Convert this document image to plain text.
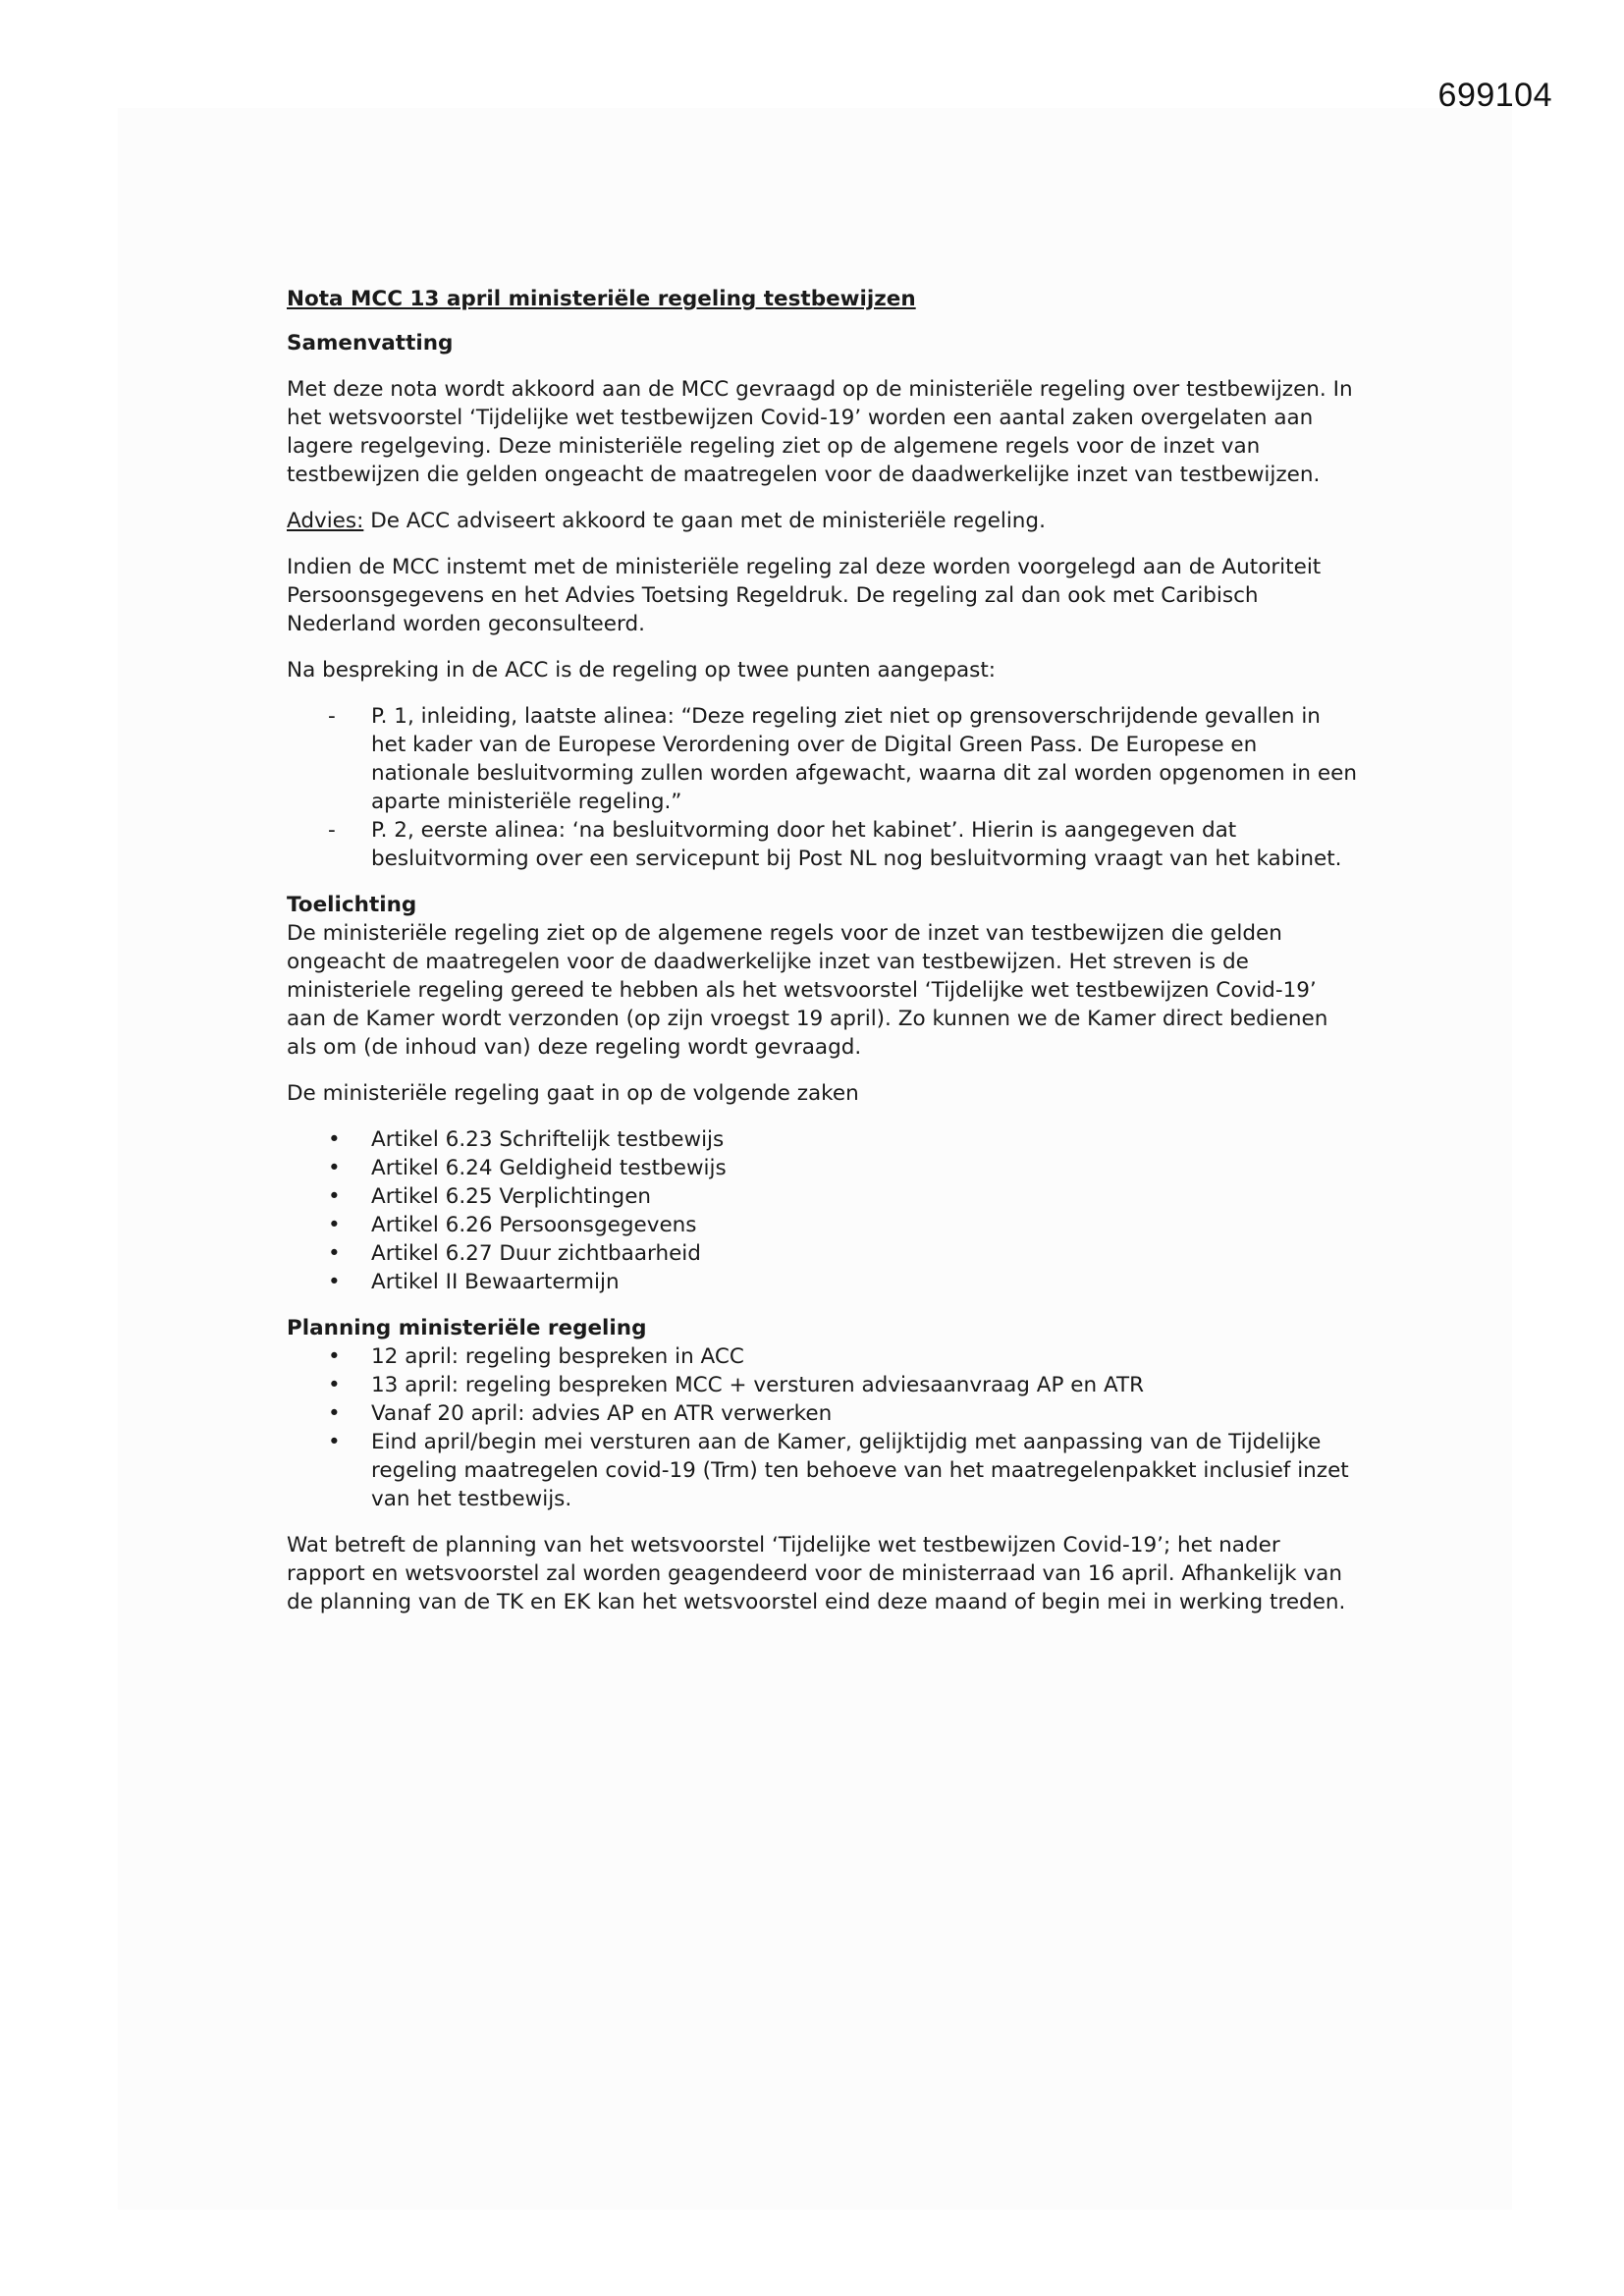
699104
Nota MCC 13 april ministeriële regeling testbewijzen
Samenvatting

Met deze nota wordt akkoord aan de MCC gevraagd op de ministeriële regeling over testbewijzen. In het wetsvoorstel ‘Tijdelijke wet testbewijzen Covid-19’ worden een aantal zaken overgelaten aan lagere regelgeving. Deze ministeriële regeling ziet op de algemene regels voor de inzet van testbewijzen die gelden ongeacht de maatregelen voor de daadwerkelijke inzet van testbewijzen.

Advies: De ACC adviseert akkoord te gaan met de ministeriële regeling.

Indien de MCC instemt met de ministeriële regeling zal deze worden voorgelegd aan de Autoriteit Persoonsgegevens en het Advies Toetsing Regeldruk. De regeling zal dan ook met Caribisch Nederland worden geconsulteerd.

Na bespreking in de ACC is de regeling op twee punten aangepast:

- P. 1, inleiding, laatste alinea: “Deze regeling ziet niet op grensoverschrijdende gevallen in het kader van de Europese Verordening over de Digital Green Pass. De Europese en nationale besluitvorming zullen worden afgewacht, waarna dit zal worden opgenomen in een aparte ministeriële regeling.”
- P. 2, eerste alinea: ‘na besluitvorming door het kabinet’. Hierin is aangegeven dat besluitvorming over een servicepunt bij Post NL nog besluitvorming vraagt van het kabinet.
Toelichting

De ministeriële regeling ziet op de algemene regels voor de inzet van testbewijzen die gelden ongeacht de maatregelen voor de daadwerkelijke inzet van testbewijzen. Het streven is de ministeriele regeling gereed te hebben als het wetsvoorstel ‘Tijdelijke wet testbewijzen Covid-19’ aan de Kamer wordt verzonden (op zijn vroegst 19 april). Zo kunnen we de Kamer direct bedienen als om (de inhoud van) deze regeling wordt gevraagd.

De ministeriële regeling gaat in op de volgende zaken

• Artikel 6.23 Schriftelijk testbewijs
• Artikel 6.24 Geldigheid testbewijs
• Artikel 6.25 Verplichtingen
• Artikel 6.26 Persoonsgegevens
• Artikel 6.27 Duur zichtbaarheid
• Artikel II Bewaartermijn
Planning ministeriële regeling
• 12 april: regeling bespreken in ACC
• 13 april: regeling bespreken MCC + versturen adviesaanvraag AP en ATR
• Vanaf 20 april: advies AP en ATR verwerken
• Eind april/begin mei versturen aan de Kamer, gelijktijdig met aanpassing van de Tijdelijke regeling maatregelen covid-19 (Trm) ten behoeve van het maatregelenpakket inclusief inzet van het testbewijs.

Wat betreft de planning van het wetsvoorstel ‘Tijdelijke wet testbewijzen Covid-19’; het nader rapport en wetsvoorstel zal worden geagendeerd voor de ministerraad van 16 april. Afhankelijk van de planning van de TK en EK kan het wetsvoorstel eind deze maand of begin mei in werking treden.
